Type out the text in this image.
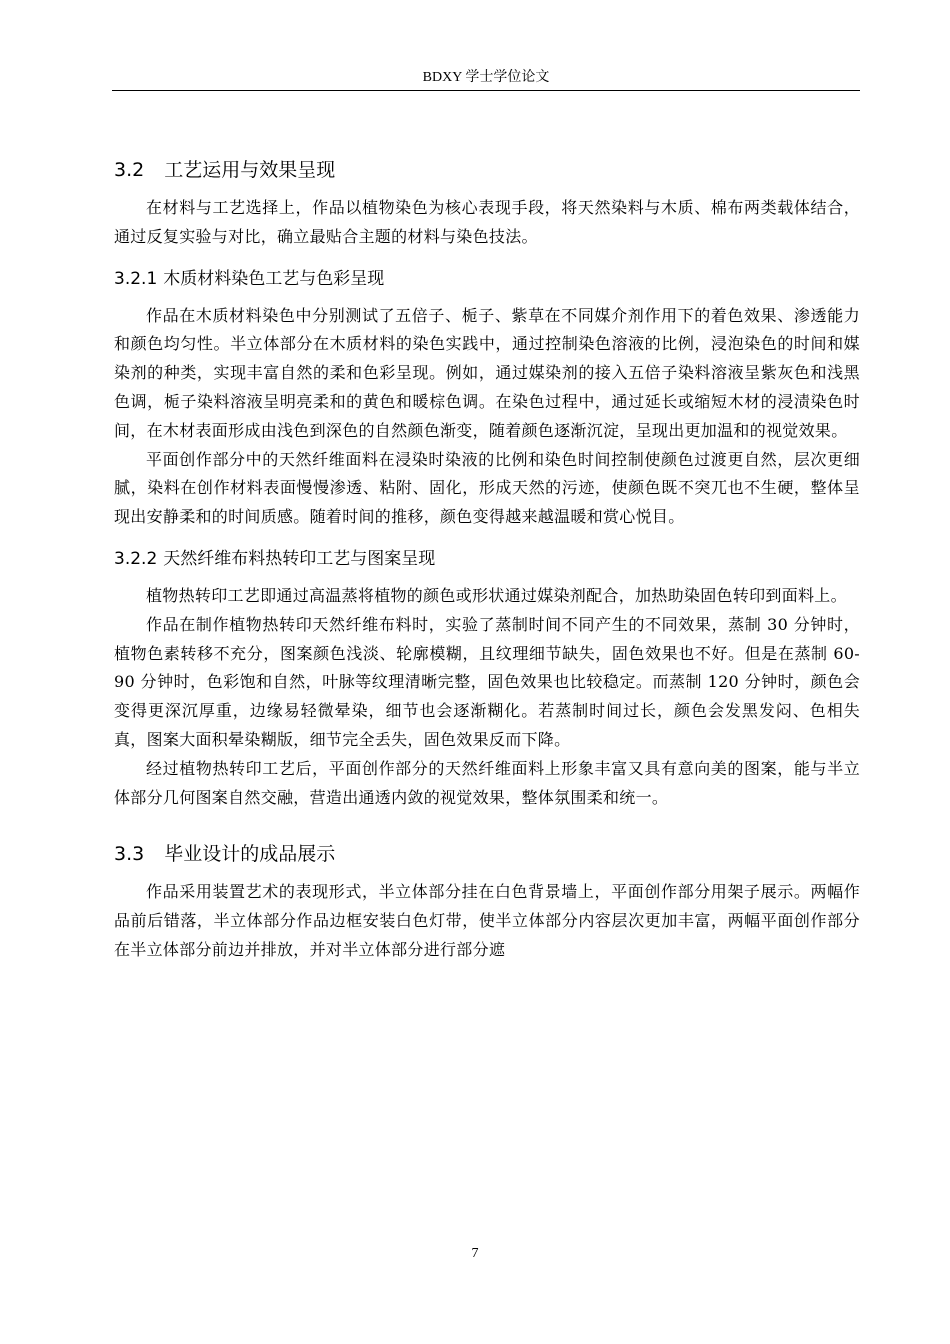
BDXY 学士学位论文
3.2 工艺运用与效果呈现

在材料与工艺选择上，作品以植物染色为核心表现手段，将天然染料与木质、棉布两类载体结合，通过反复实验与对比，确立最贴合主题的材料与染色技法。

3.2.1 木质材料染色工艺与色彩呈现

作品在木质材料染色中分别测试了五倍子、栀子、紫草在不同媒介剂作用下的着色效果、渗透能力和颜色均匀性。半立体部分在木质材料的染色实践中，通过控制染色溶液的比例，浸泡染色的时间和媒染剂的种类，实现丰富自然的柔和色彩呈现。例如，通过媒染剂的接入五倍子染料溶液呈紫灰色和浅黑色调，栀子染料溶液呈明亮柔和的黄色和暖棕色调。在染色过程中，通过延长或缩短木材的浸渍染色时间，在木材表面形成由浅色到深色的自然颜色渐变，随着颜色逐渐沉淀，呈现出更加温和的视觉效果。

平面创作部分中的天然纤维面料在浸染时染液的比例和染色时间控制使颜色过渡更自然，层次更细腻，染料在创作材料表面慢慢渗透、粘附、固化，形成天然的污迹，使颜色既不突兀也不生硬，整体呈现出安静柔和的时间质感。随着时间的推移，颜色变得越来越温暖和赏心悦目。

3.2.2 天然纤维布料热转印工艺与图案呈现

植物热转印工艺即通过高温蒸将植物的颜色或形状通过媒染剂配合，加热助染固色转印到面料上。

作品在制作植物热转印天然纤维布料时，实验了蒸制时间不同产生的不同效果，蒸制 30 分钟时，植物色素转移不充分，图案颜色浅淡、轮廓模糊，且纹理细节缺失，固色效果也不好。但是在蒸制 60-90 分钟时，色彩饱和自然，叶脉等纹理清晰完整，固色效果也比较稳定。而蒸制 120 分钟时，颜色会变得更深沉厚重，边缘易轻微晕染，细节也会逐渐糊化。若蒸制时间过长，颜色会发黑发闷、色相失真，图案大面积晕染糊版，细节完全丢失，固色效果反而下降。

经过植物热转印工艺后，平面创作部分的天然纤维面料上形象丰富又具有意向美的图案，能与半立体部分几何图案自然交融，营造出通透内敛的视觉效果，整体氛围柔和统一。

3.3 毕业设计的成品展示

作品采用装置艺术的表现形式，半立体部分挂在白色背景墙上，平面创作部分用架子展示。两幅作品前后错落，半立体部分作品边框安装白色灯带，使半立体部分内容层次更加丰富，两幅平面创作部分在半立体部分前边并排放，并对半立体部分进行部分遮

7
